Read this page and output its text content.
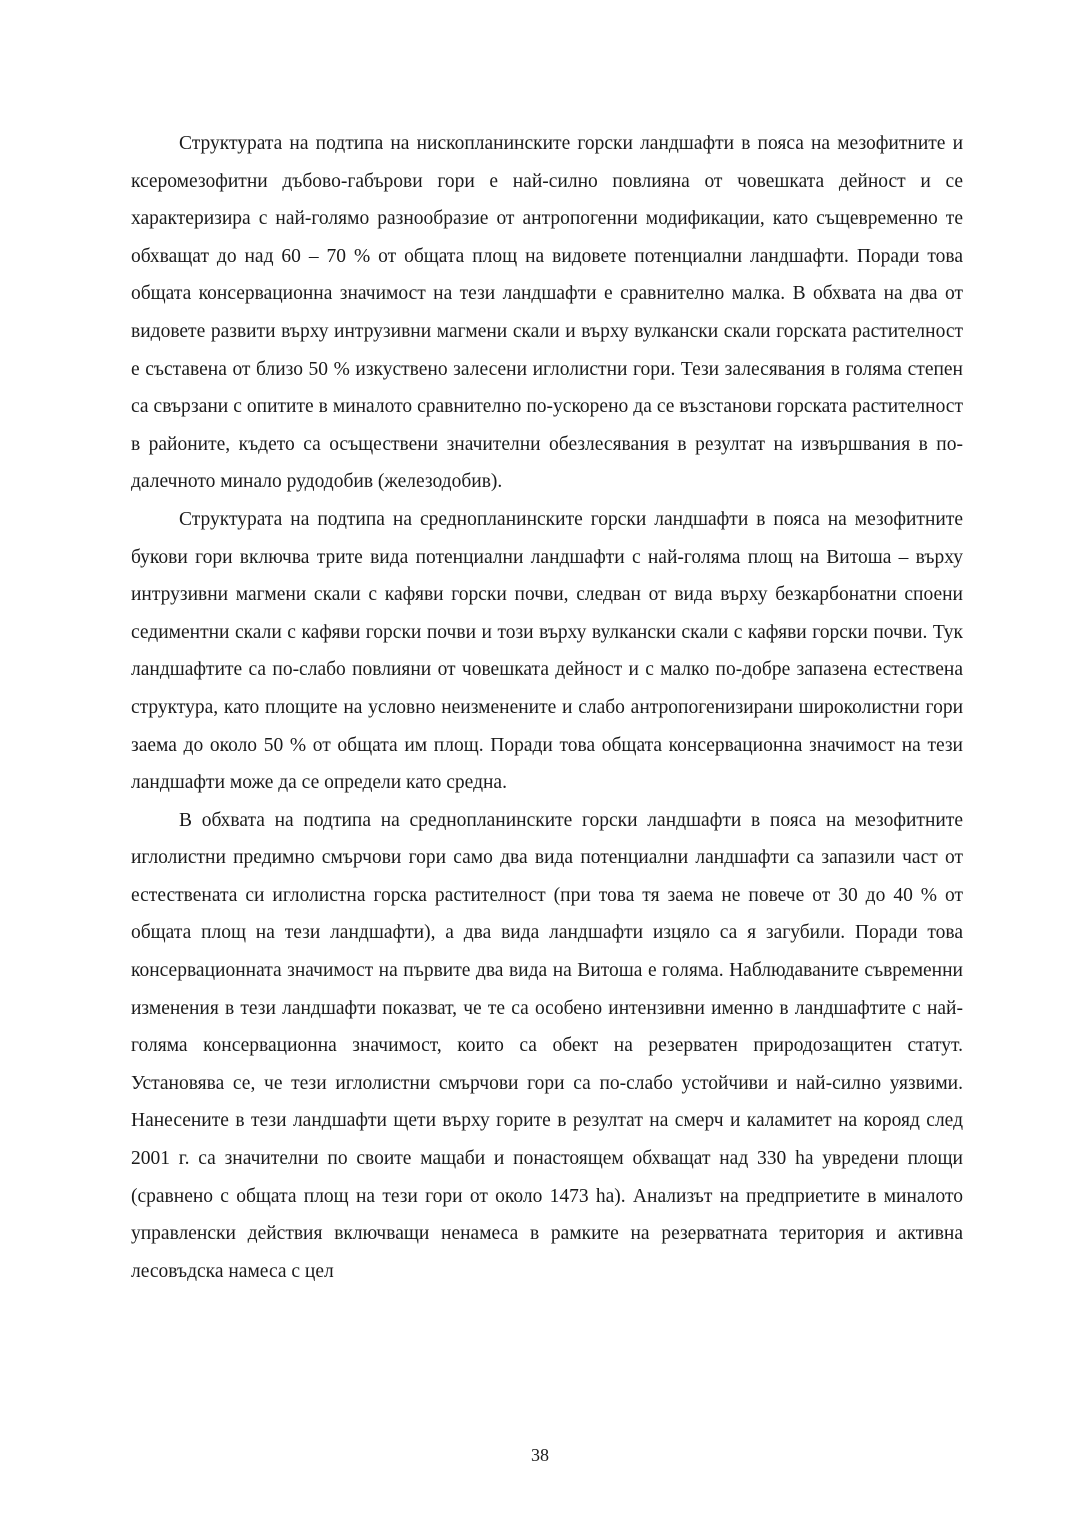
Структурата на подтипа на нископланинските горски ландшафти в пояса на мезофитните и ксеромезофитни дъбово-габърови гори е най-силно повлияна от човешката дейност и се характеризира с най-голямо разнообразие от антропогенни модификации, като същевременно те обхващат до над 60 – 70 % от общата площ на видовете потенциални ландшафти. Поради това общата консервационна значимост на тези ландшафти е сравнително малка. В обхвата на два от видовете развити върху интрузивни магмени скали и върху вулкански скали горската растителност е съставена от близо 50 % изкуствено залесени иглолистни гори. Тези залесявания в голяма степен са свързани с опитите в миналото сравнително по-ускорено да се възстанови горската растителност в районите, където са осъществени значителни обезлесявания в резултат на извършвания в по-далечното минало рудодобив (железодобив).

Структурата на подтипа на среднопланинските горски ландшафти в пояса на мезофитните букови гори включва трите вида потенциални ландшафти с най-голяма площ на Витоша – върху интрузивни магмени скали с кафяви горски почви, следван от вида върху безкарбонатни споени седиментни скали с кафяви горски почви и този върху вулкански скали с кафяви горски почви. Тук ландшафтите са по-слабо повлияни от човешката дейност и с малко по-добре запазена естествена структура, като площите на условно неизменените и слабо антропогенизирани широколистни гори заема до около 50 % от общата им площ. Поради това общата консервационна значимост на тези ландшафти може да се определи като средна.

В обхвата на подтипа на среднопланинските горски ландшафти в пояса на мезофитните иглолистни предимно смърчови гори само два вида потенциални ландшафти са запазили част от естествената си иглолистна горска растителност (при това тя заема не повече от 30 до 40 % от общата площ на тези ландшафти), а два вида ландшафти изцяло са я загубили. Поради това консервационната значимост на първите два вида на Витоша е голяма. Наблюдаваните съвременни изменения в тези ландшафти показват, че те са особено интензивни именно в ландшафтите с най-голяма консервационна значимост, които са обект на резерватен природозащитен статут. Установява се, че тези иглолистни смърчови гори са по-слабо устойчиви и най-силно уязвими. Нанесените в тези ландшафти щети върху горите в резултат на смерч и каламитет на корояд след 2001 г. са значителни по своите мащаби и понастоящем обхващат над 330 ha увредени площи (сравнено с общата площ на тези гори от около 1473 ha). Анализът на предприетите в миналото управленски действия включващи ненамеса в рамките на резерватната територия и активна лесовъдска намеса с цел

38
